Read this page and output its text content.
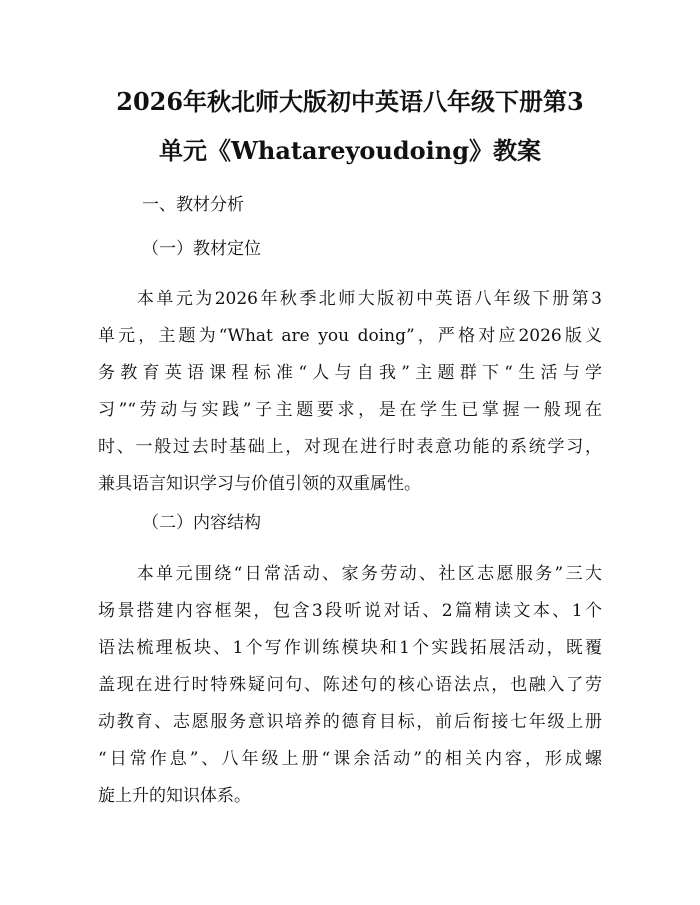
2026年秋北师大版初中英语八年级下册第3
单元《Whatareyoudoing》教案
一、教材分析
（一）教材定位
　　本单元为2026年秋季北师大版初中英语八年级下册第3
单元，主题为“What are you doing”，严格对应2026版义
务教育英语课程标准“人与自我”主题群下“生活与学
习”“劳动与实践”子主题要求，是在学生已掌握一般现在
时、一般过去时基础上，对现在进行时表意功能的系统学习，
兼具语言知识学习与价值引领的双重属性。
（二）内容结构
　　本单元围绕“日常活动、家务劳动、社区志愿服务”三大
场景搭建内容框架，包含3段听说对话、2篇精读文本、1个
语法梳理板块、1个写作训练模块和1个实践拓展活动，既覆
盖现在进行时特殊疑问句、陈述句的核心语法点，也融入了劳
动教育、志愿服务意识培养的德育目标，前后衔接七年级上册
“日常作息”、八年级上册“课余活动”的相关内容，形成螺
旋上升的知识体系。
